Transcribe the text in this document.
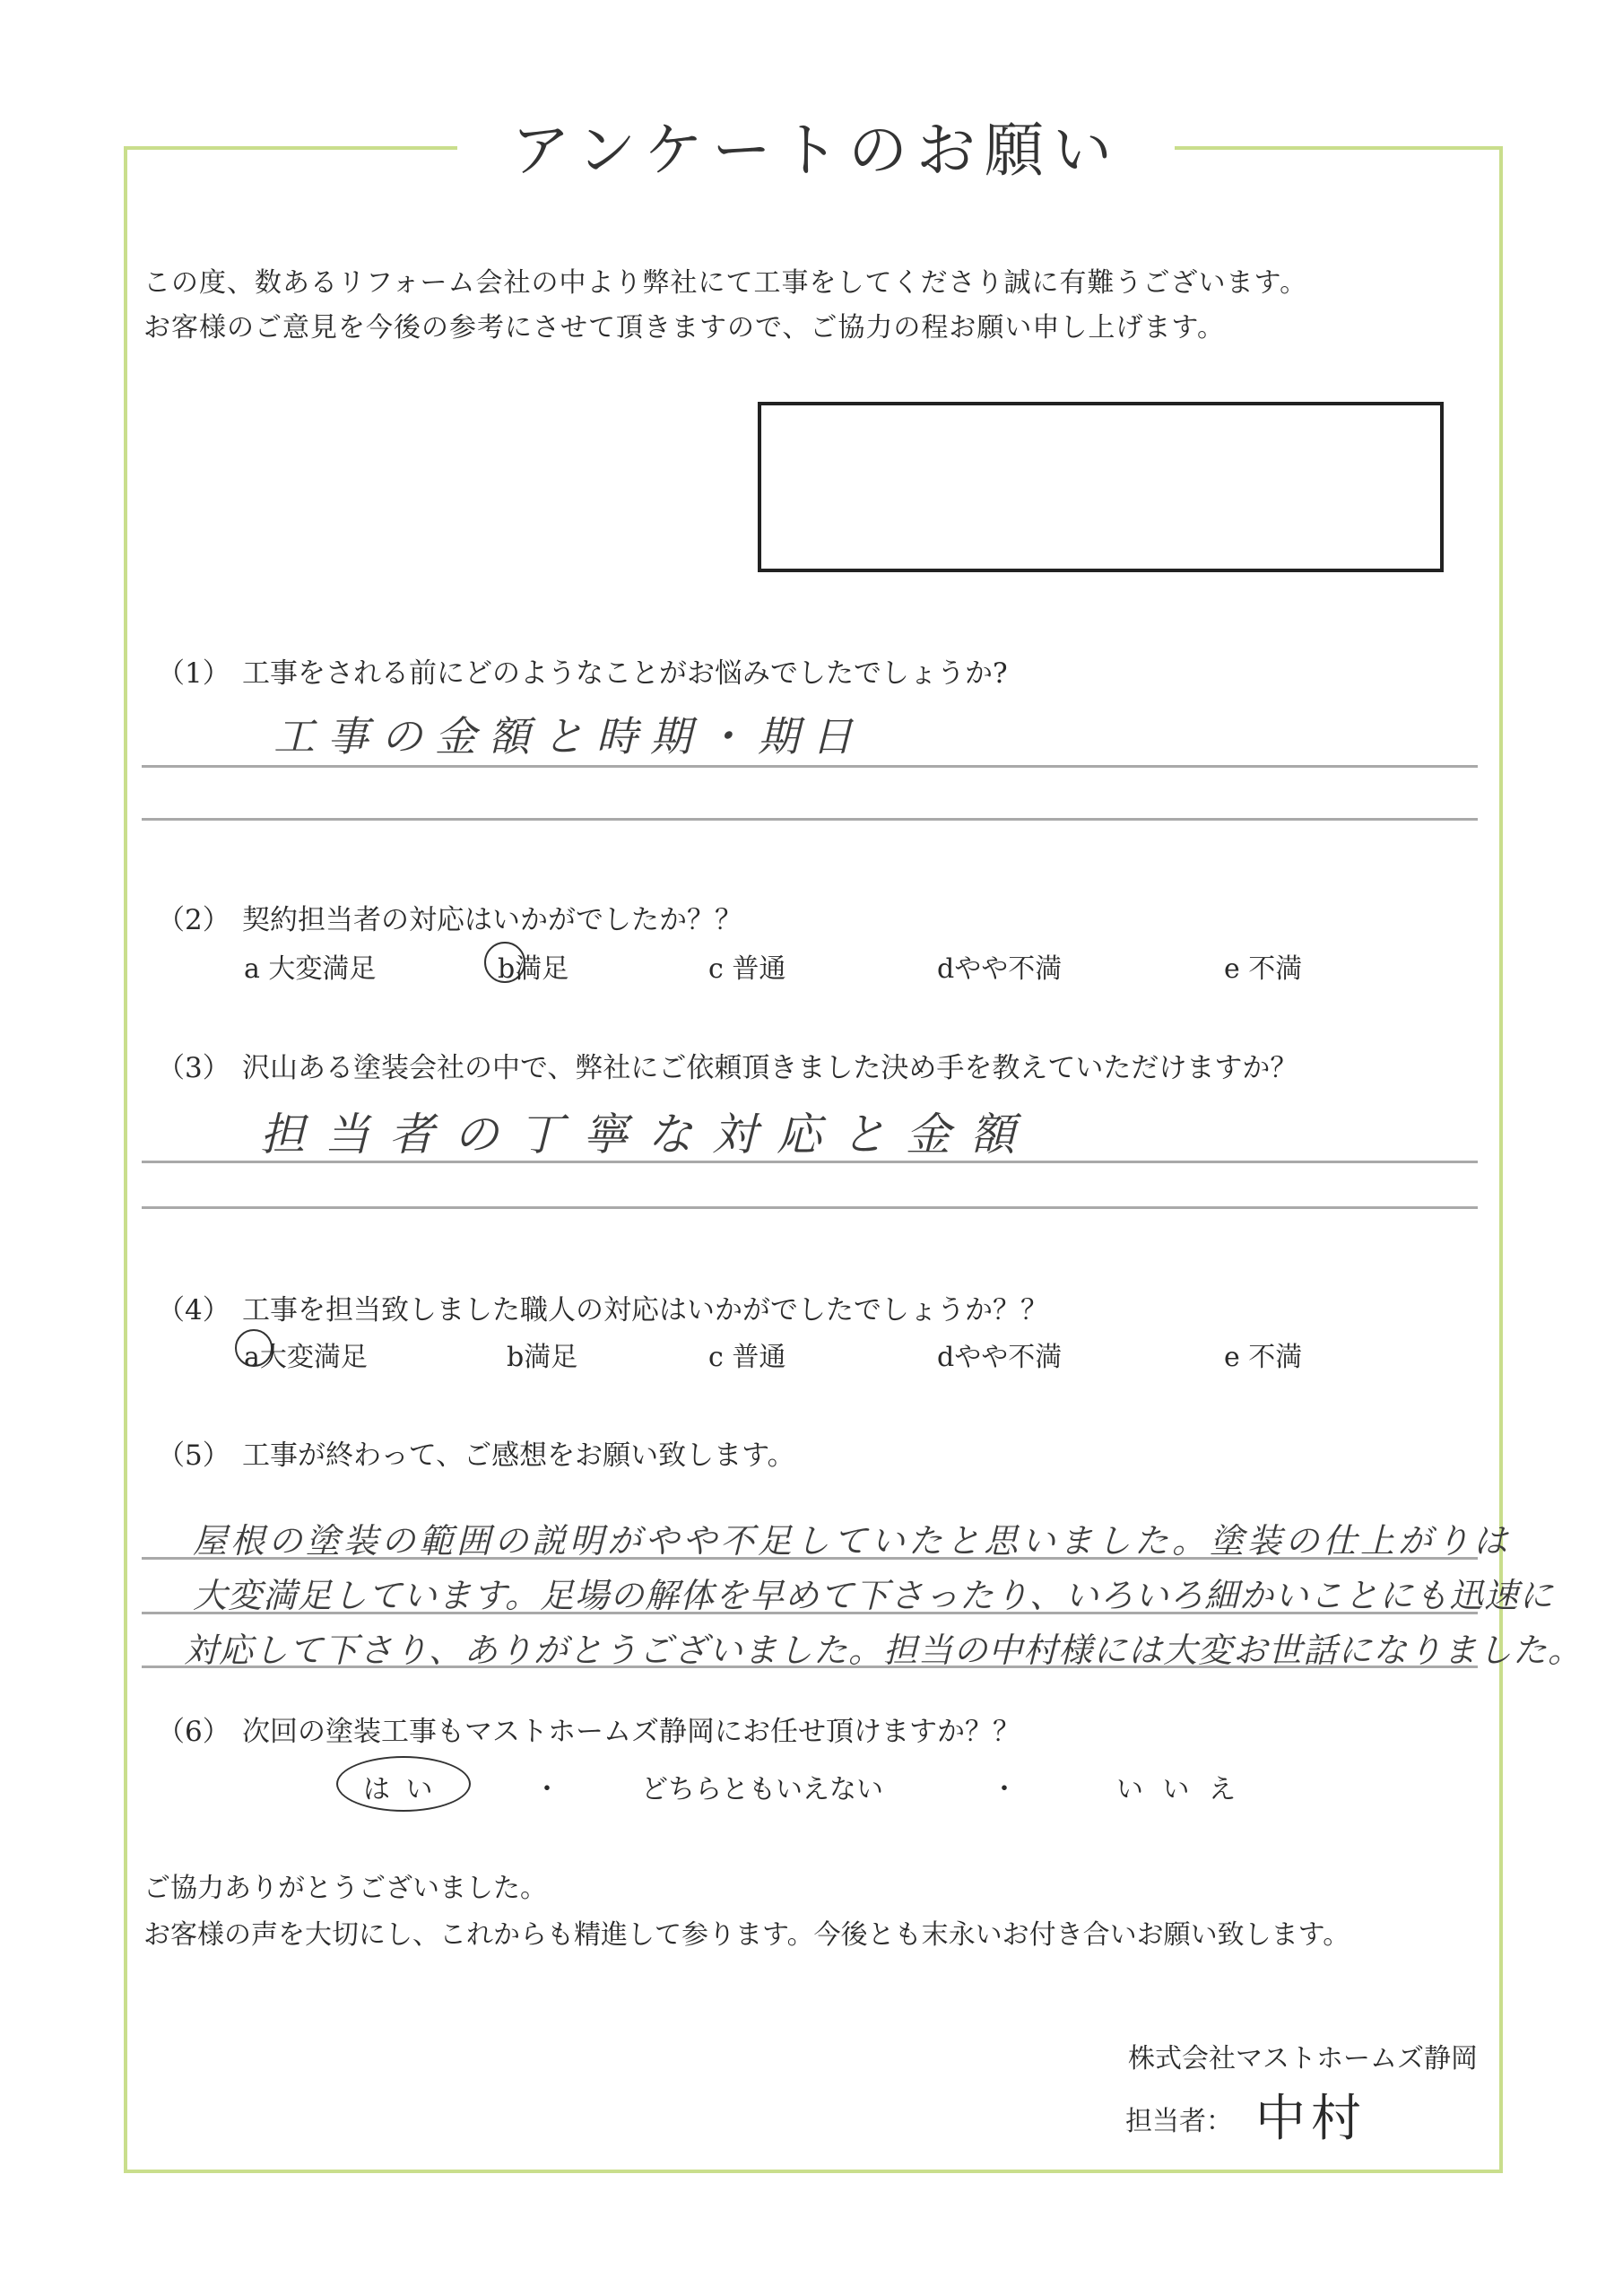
アンケートのお願い
この度、数あるリフォーム会社の中より弊社にて工事をしてくださり誠に有難うございます。
お客様のご意見を今後の参考にさせて頂きますので、ご協力の程お願い申し上げます。
（1） 工事をされる前にどのようなことがお悩みでしたでしょうか?
工事の金額と時期・期日
（2） 契約担当者の対応はいかがでしたか？？
a 大変満足	b満足	c 普通	dやや不満	e 不満
（3） 沢山ある塗装会社の中で、弊社にご依頼頂きました決め手を教えていただけますか？
担当者の丁寧な対応と金額
（4） 工事を担当致しました職人の対応はいかがでしたでしょうか？？
a大変満足	b満足	c 普通	dやや不満	e 不満
（5） 工事が終わって、ご感想をお願い致します。
屋根の塗装の範囲の説明がやや不足していたと思いました。塗装の仕上がりは
大変満足しています。足場の解体を早めて下さったり、いろいろ細かいことにも迅速に
対応して下さり、ありがとうございました。担当の中村様には大変お世話になりました。
（6） 次回の塗装工事もマストホームズ静岡にお任せ頂けますか？？
は い	・	どちらともいえない	・	い い え
ご協力ありがとうございました。
お客様の声を大切にし、これからも精進して参ります。今後とも末永いお付き合いお願い致します。
株式会社マストホームズ静岡
担当者： 中村
